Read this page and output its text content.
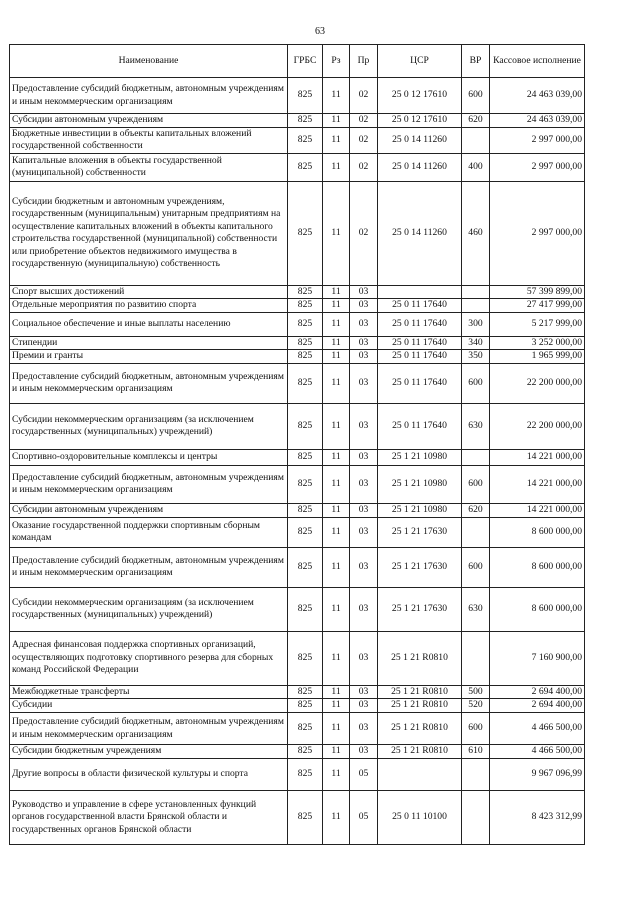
63
Наименование	ГРБС	Рз	Пр	ЦСР	ВР	Кассовое исполнение
Предоставление субсидий бюджетным, автономным учреждениям и иным некоммерческим организациям	825	11	02	25 0 12 17610	600	24 463 039,00
Субсидии автономным учреждениям	825	11	02	25 0 12 17610	620	24 463 039,00
Бюджетные инвестиции в объекты капитальных вложений государственной собственности	825	11	02	25 0 14 11260		2 997 000,00
Капитальные вложения в объекты государственной (муниципальной) собственности	825	11	02	25 0 14 11260	400	2 997 000,00
Субсидии бюджетным и автономным учреждениям, государственным (муниципальным) унитарным предприятиям на осуществление капитальных вложений в объекты капитального строительства государственной (муниципальной) собственности или приобретение объектов недвижимого имущества в государственную (муниципальную) собственность	825	11	02	25 0 14 11260	460	2 997 000,00
Спорт высших достижений	825	11	03			57 399 899,00
Отдельные мероприятия по развитию спорта	825	11	03	25 0 11 17640		27 417 999,00
Социальное обеспечение и иные выплаты населению	825	11	03	25 0 11 17640	300	5 217 999,00
Стипендии	825	11	03	25 0 11 17640	340	3 252 000,00
Премии и гранты	825	11	03	25 0 11 17640	350	1 965 999,00
Предоставление субсидий бюджетным, автономным учреждениям и иным некоммерческим организациям	825	11	03	25 0 11 17640	600	22 200 000,00
Субсидии некоммерческим организациям (за исключением государственных (муниципальных) учреждений)	825	11	03	25 0 11 17640	630	22 200 000,00
Спортивно-оздоровительные комплексы и центры	825	11	03	25 1 21 10980		14 221 000,00
Предоставление субсидий бюджетным, автономным учреждениям и иным некоммерческим организациям	825	11	03	25 1 21 10980	600	14 221 000,00
Субсидии автономным учреждениям	825	11	03	25 1 21 10980	620	14 221 000,00
Оказание государственной поддержки спортивным сборным командам	825	11	03	25 1 21 17630		8 600 000,00
Предоставление субсидий бюджетным, автономным учреждениям и иным некоммерческим организациям	825	11	03	25 1 21 17630	600	8 600 000,00
Субсидии некоммерческим организациям (за исключением государственных (муниципальных) учреждений)	825	11	03	25 1 21 17630	630	8 600 000,00
Адресная финансовая поддержка спортивных организаций, осуществляющих подготовку спортивного резерва для сборных команд Российской Федерации	825	11	03	25 1 21 R0810		7 160 900,00
Межбюджетные трансферты	825	11	03	25 1 21 R0810	500	2 694 400,00
Субсидии	825	11	03	25 1 21 R0810	520	2 694 400,00
Предоставление субсидий бюджетным, автономным учреждениям и иным некоммерческим организациям	825	11	03	25 1 21 R0810	600	4 466 500,00
Субсидии бюджетным учреждениям	825	11	03	25 1 21 R0810	610	4 466 500,00
Другие вопросы в области физической культуры и спорта	825	11	05			9 967 096,99
Руководство и управление в сфере установленных функций органов государственной власти Брянской области и государственных органов Брянской области	825	11	05	25 0 11 10100		8 423 312,99
